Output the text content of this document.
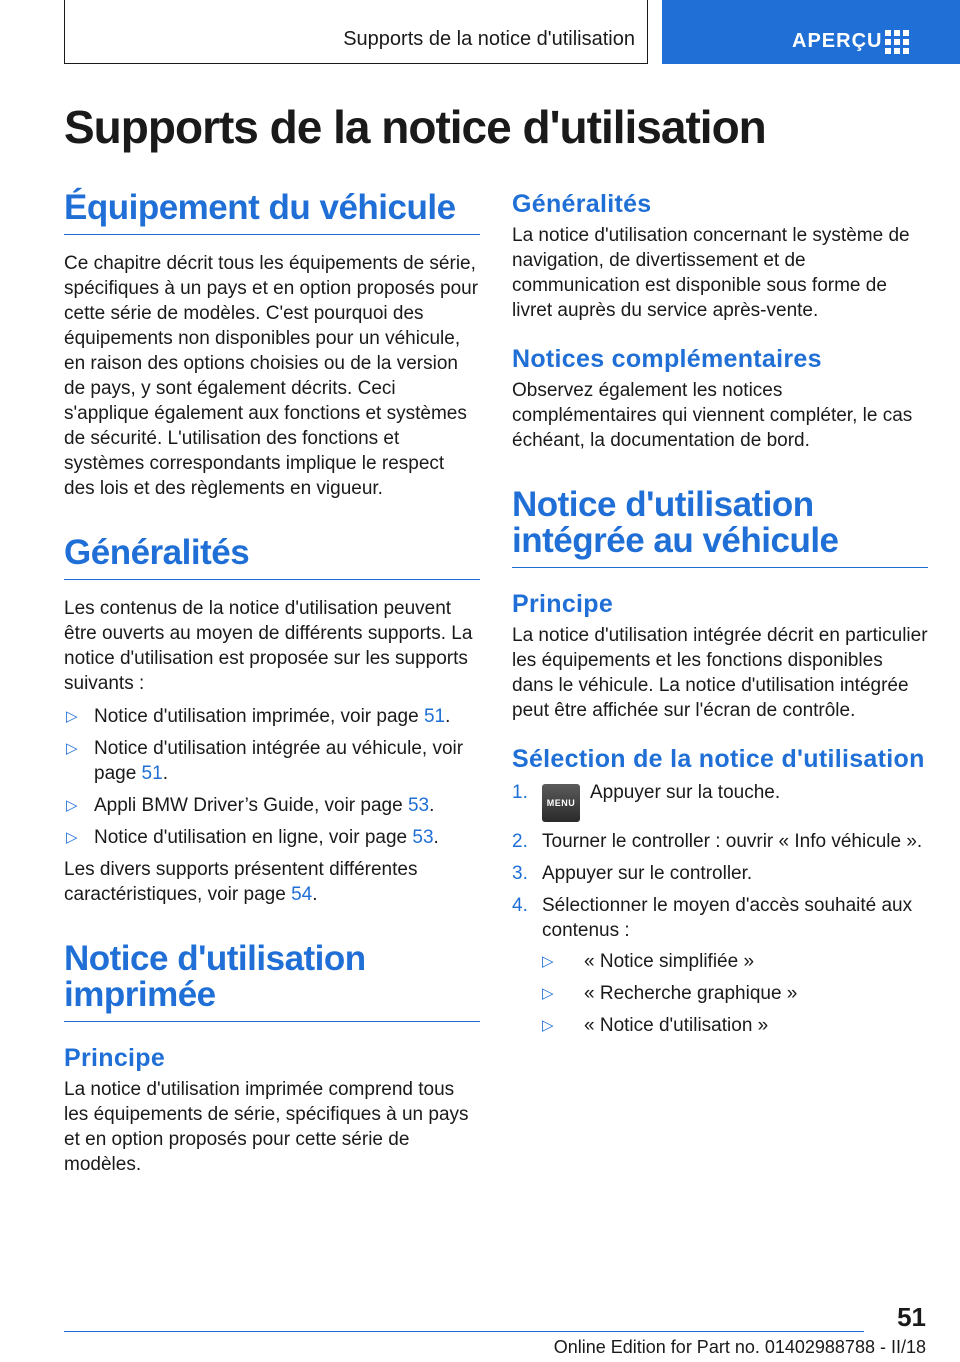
Supports de la notice d'utilisation	APERÇU
Supports de la notice d'utilisation
Équipement du véhicule

Ce chapitre décrit tous les équipements de série, spécifiques à un pays et en option proposés pour cette série de modèles. C'est pourquoi des équipements non disponibles pour un véhicule, en raison des options choisies ou de la version de pays, y sont également décrits. Ceci s'applique également aux fonctions et systèmes de sécurité. L'utilisation des fonctions et systèmes correspondants implique le respect des lois et des règlements en vigueur.

Généralités

Les contenus de la notice d'utilisation peuvent être ouverts au moyen de différents supports. La notice d'utilisation est proposée sur les supports suivants :

▷ Notice d'utilisation imprimée, voir page 51.
▷ Notice d'utilisation intégrée au véhicule, voir page 51.
▷ Appli BMW Driver’s Guide, voir page 53.
▷ Notice d'utilisation en ligne, voir page 53.

Les divers supports présentent différentes caractéristiques, voir page 54.

Notice d'utilisation imprimée
Principe

La notice d'utilisation imprimée comprend tous les équipements de série, spécifiques à un pays et en option proposés pour cette série de modèles.

Généralités

La notice d'utilisation concernant le système de navigation, de divertissement et de communication est disponible sous forme de livret auprès du service après-vente.

Notices complémentaires

Observez également les notices complémentaires qui viennent compléter, le cas échéant, la documentation de bord.

Notice d'utilisation intégrée au véhicule
Principe

La notice d'utilisation intégrée décrit en particulier les équipements et les fonctions disponibles dans le véhicule. La notice d'utilisation intégrée peut être affichée sur l'écran de contrôle.

Sélection de la notice d'utilisation
1. MENU Appuyer sur la touche.
2. Tourner le controller : ouvrir « Info véhicule ».
3. Appuyer sur le controller.
4. Sélectionner le moyen d'accès souhaité aux contenus :
▷ « Notice simplifiée »
▷ « Recherche graphique »
▷ « Notice d'utilisation »
51
Online Edition for Part no. 01402988788 - II/18
